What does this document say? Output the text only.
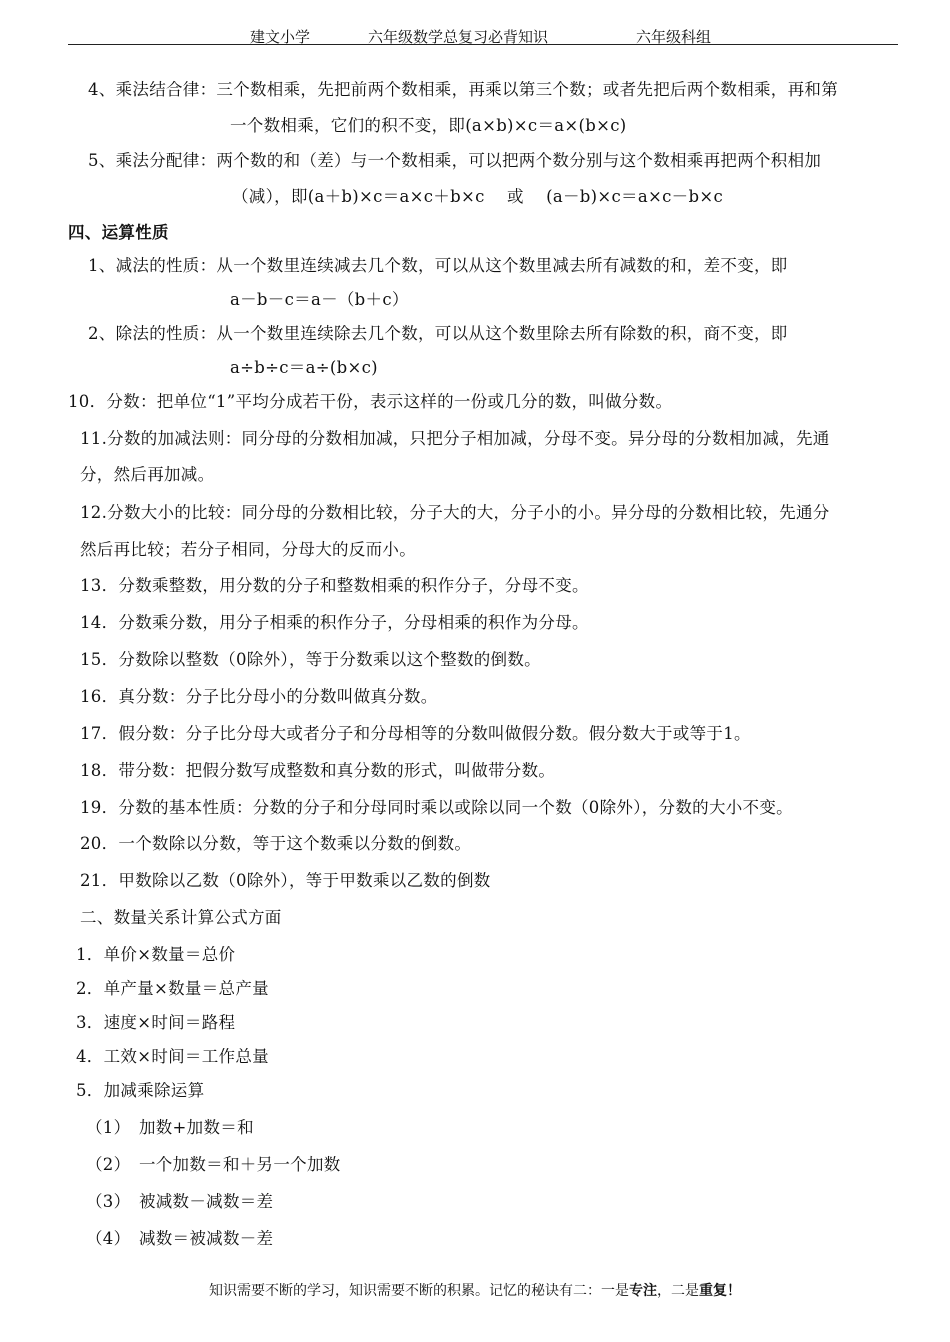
建文小学	六年级数学总复习必背知识	六年级科组
4、乘法结合律：三个数相乘，先把前两个数相乘，再乘以第三个数；或者先把后两个数相乘，再和第
一个数相乘，它们的积不变，即(a×b)×c＝a×(b×c)
5、乘法分配律：两个数的和（差）与一个数相乘，可以把两个数分别与这个数相乘再把两个积相加
（减），即(a＋b)×c＝a×c＋b×c　 或　 (a－b)×c＝a×c－b×c
四、运算性质
1、减法的性质：从一个数里连续减去几个数，可以从这个数里减去所有减数的和，差不变，即
a－b－c＝a－（b＋c）
2、除法的性质：从一个数里连续除去几个数，可以从这个数里除去所有除数的积，商不变，即
a÷b÷c＝a÷(b×c)
10．分数：把单位“1”平均分成若干份，表示这样的一份或几分的数，叫做分数。
11.分数的加减法则：同分母的分数相加减，只把分子相加减，分母不变。异分母的分数相加减，先通
分，然后再加减。
12.分数大小的比较：同分母的分数相比较，分子大的大，分子小的小。异分母的分数相比较，先通分
然后再比较；若分子相同，分母大的反而小。
13．分数乘整数，用分数的分子和整数相乘的积作分子，分母不变。
14．分数乘分数，用分子相乘的积作分子，分母相乘的积作为分母。
15．分数除以整数（0除外），等于分数乘以这个整数的倒数。
16．真分数：分子比分母小的分数叫做真分数。
17．假分数：分子比分母大或者分子和分母相等的分数叫做假分数。假分数大于或等于1。
18．带分数：把假分数写成整数和真分数的形式，叫做带分数。
19．分数的基本性质：分数的分子和分母同时乘以或除以同一个数（0除外），分数的大小不变。
20．一个数除以分数，等于这个数乘以分数的倒数。
21．甲数除以乙数（0除外），等于甲数乘以乙数的倒数
二、数量关系计算公式方面
1．单价×数量＝总价
2．单产量×数量＝总产量
3．速度×时间＝路程
4．工效×时间＝工作总量
5．加减乘除运算
（1）　加数+加数＝和
（2）　一个加数＝和＋另一个加数
（3）　被减数－减数＝差
（4）　减数＝被减数－差
知识需要不断的学习，知识需要不断的积累。记忆的秘诀有二：一是专注，二是重复！
